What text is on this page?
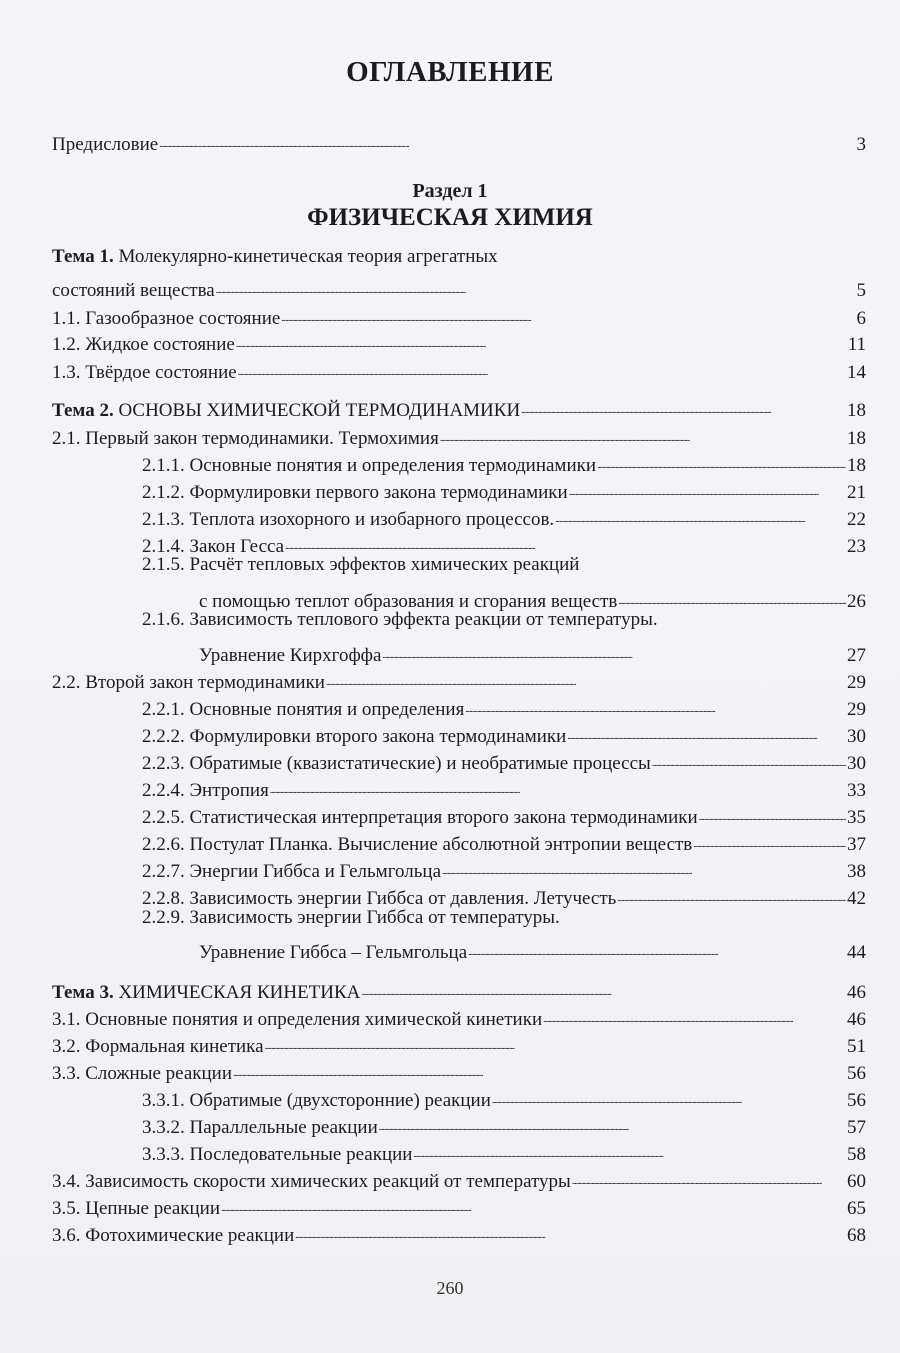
ОГЛАВЛЕНИЕ
Предисловие . . .	3
Раздел 1
ФИЗИЧЕСКАЯ ХИМИЯ
Тема 1. Молекулярно-кинетическая теория агрегатных
состояний вещества . . .	5
1.1. Газообразное состояние . . .	6
1.2. Жидкое состояние . . .	11
1.3. Твёрдое состояние . . .	14
Тема 2. ОСНОВЫ ХИМИЧЕСКОЙ ТЕРМОДИНАМИКИ . . .	18
2.1. Первый закон термодинамики. Термохимия . . .	18
2.1.1. Основные понятия и определения термодинамики . . .	18
2.1.2. Формулировки первого закона термодинамики . . .	21
2.1.3. Теплота изохорного и изобарного процессов. . . .	22
2.1.4. Закон Гесса . . .	23
2.1.5. Расчёт тепловых эффектов химических реакций
с помощью теплот образования и сгорания веществ . . .	26
2.1.6. Зависимость теплового эффекта реакции от температуры.
Уравнение Кирхгоффа . . .	27
2.2. Второй закон термодинамики . . .	29
2.2.1. Основные понятия и определения . . .	29
2.2.2. Формулировки второго закона термодинамики . . .	30
2.2.3. Обратимые (квазистатические) и необратимые процессы . . .	30
2.2.4. Энтропия . . .	33
2.2.5. Статистическая интерпретация второго закона термодинамики . . .	35
2.2.6. Постулат Планка. Вычисление абсолютной энтропии веществ . . .	37
2.2.7. Энергии Гиббса и Гельмгольца . . .	38
2.2.8. Зависимость энергии Гиббса от давления. Летучесть . . .	42
2.2.9. Зависимость энергии Гиббса от температуры.
Уравнение Гиббса – Гельмгольца . . .	44
Тема 3. ХИМИЧЕСКАЯ КИНЕТИКА . . .	46
3.1. Основные понятия и определения химической кинетики . . .	46
3.2. Формальная кинетика . . .	51
3.3. Сложные реакции . . .	56
3.3.1. Обратимые (двухсторонние) реакции . . .	56
3.3.2. Параллельные реакции . . .	57
3.3.3. Последовательные реакции . . .	58
3.4. Зависимость скорости химических реакций от температуры . . .	60
3.5. Цепные реакции . . .	65
3.6. Фотохимические реакции . . .	68
260
